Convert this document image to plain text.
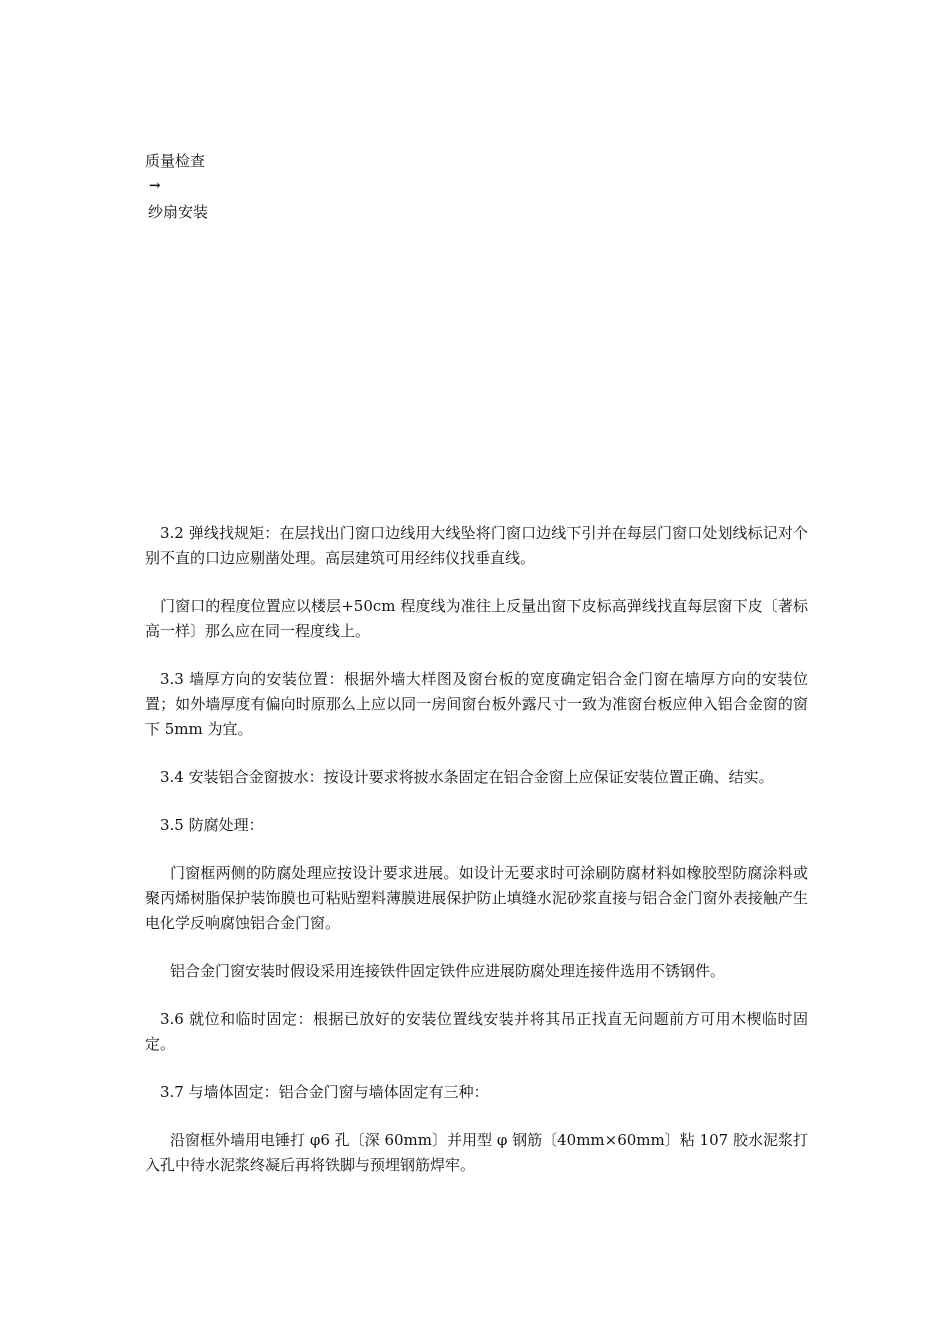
质量检查
→
纱扇安装

3.2 弹线找规矩：在层找出门窗口边线用大线坠将门窗口边线下引并在每层门窗口处划线标记对个别不直的口边应剔凿处理。高层建筑可用经纬仪找垂直线。

门窗口的程度位置应以楼层+50cm 程度线为准往上反量出窗下皮标高弹线找直每层窗下皮〔著标高一样〕那么应在同一程度线上。

3.3 墙厚方向的安装位置：根据外墙大样图及窗台板的宽度确定铝合金门窗在墙厚方向的安装位置；如外墙厚度有偏向时原那么上应以同一房间窗台板外露尺寸一致为准窗台板应伸入铝合金窗的窗下 5mm 为宜。

3.4 安装铝合金窗披水：按设计要求将披水条固定在铝合金窗上应保证安装位置正确、结实。

3.5 防腐处理：

门窗框两侧的防腐处理应按设计要求进展。如设计无要求时可涂刷防腐材料如橡胶型防腐涂料或聚丙烯树脂保护装饰膜也可粘贴塑料薄膜进展保护防止填缝水泥砂浆直接与铝合金门窗外表接触产生电化学反响腐蚀铝合金门窗。

铝合金门窗安装时假设采用连接铁件固定铁件应进展防腐处理连接件选用不锈钢件。

3.6 就位和临时固定：根据已放好的安装位置线安装并将其吊正找直无问题前方可用木楔临时固定。

3.7 与墙体固定：铝合金门窗与墙体固定有三种：

沿窗框外墙用电锤打 φ6 孔〔深 60mm〕并用型 φ 钢筋〔40mm×60mm〕粘 107 胶水泥浆打入孔中待水泥浆终凝后再将铁脚与预埋钢筋焊牢。
